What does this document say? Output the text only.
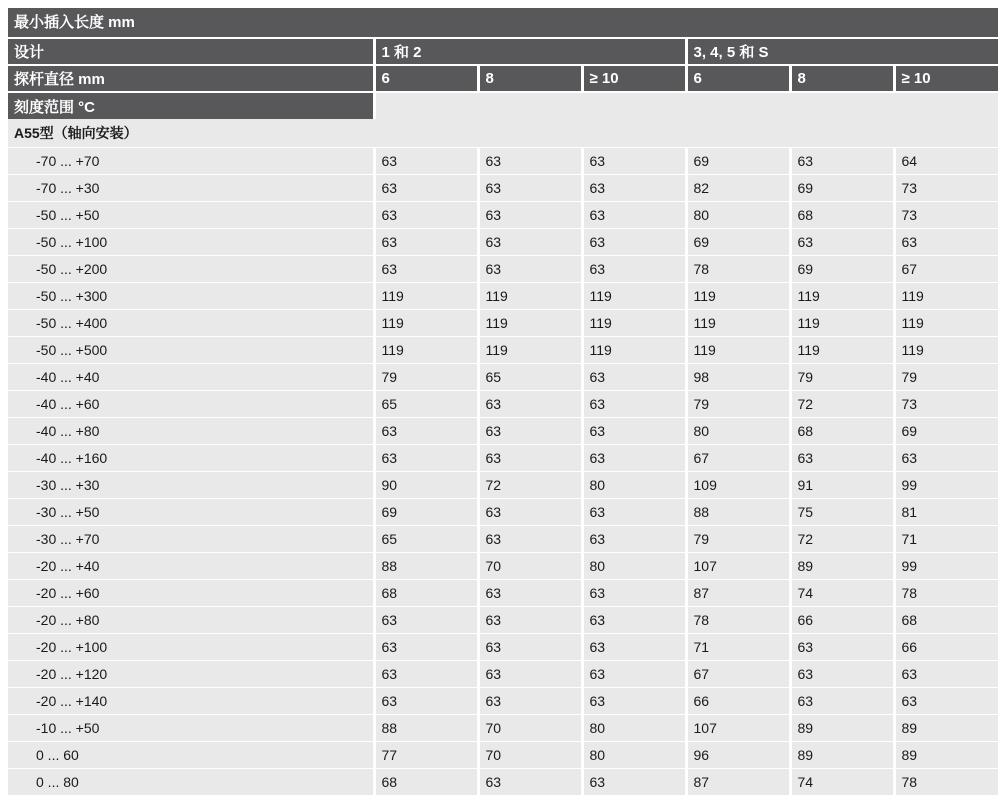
最小插入长度 mm
设计	1 和 2			3, 4, 5 和 S		
探杆直径 mm	6	8	≥ 10	6	8	≥ 10
刻度范围 °C						
A55型（轴向安装）						
-70 ... +70	63	63	63	69	63	64
-70 ... +30	63	63	63	82	69	73
-50 ... +50	63	63	63	80	68	73
-50 ... +100	63	63	63	69	63	63
-50 ... +200	63	63	63	78	69	67
-50 ... +300	119	119	119	119	119	119
-50 ... +400	119	119	119	119	119	119
-50 ... +500	119	119	119	119	119	119
-40 ... +40	79	65	63	98	79	79
-40 ... +60	65	63	63	79	72	73
-40 ... +80	63	63	63	80	68	69
-40 ... +160	63	63	63	67	63	63
-30 ... +30	90	72	80	109	91	99
-30 ... +50	69	63	63	88	75	81
-30 ... +70	65	63	63	79	72	71
-20 ... +40	88	70	80	107	89	99
-20 ... +60	68	63	63	87	74	78
-20 ... +80	63	63	63	78	66	68
-20 ... +100	63	63	63	71	63	66
-20 ... +120	63	63	63	67	63	63
-20 ... +140	63	63	63	66	63	63
-10 ... +50	88	70	80	107	89	89
0 ... 60	77	70	80	96	89	89
0 ... 80	68	63	63	87	74	78
